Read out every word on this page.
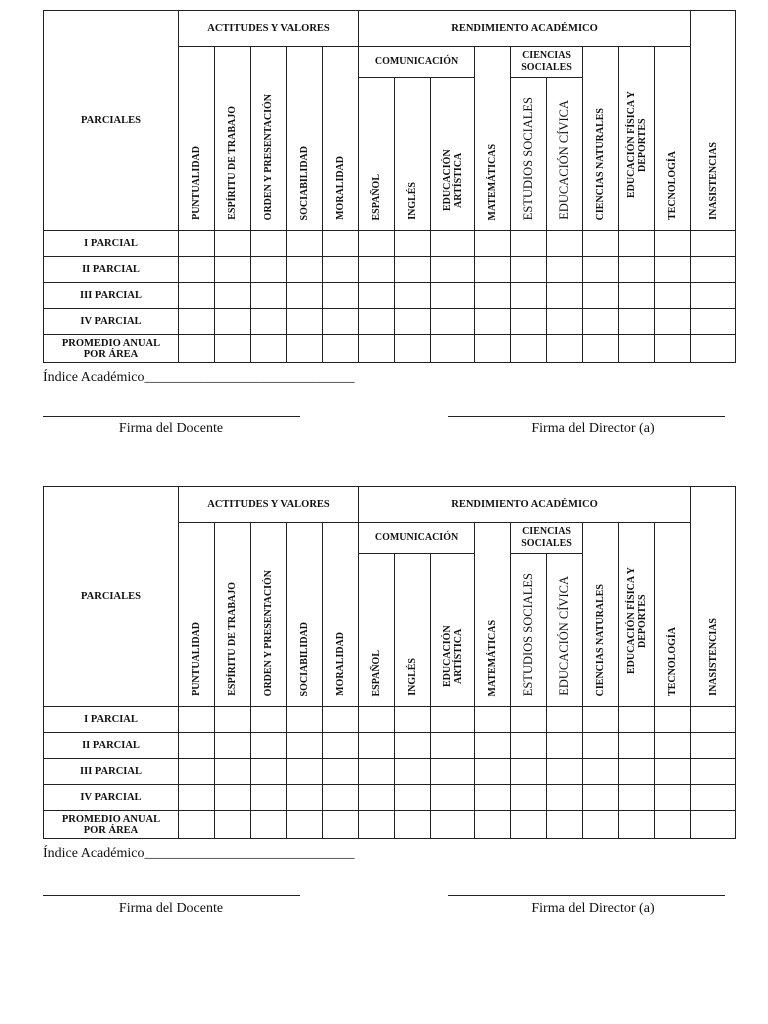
PARCIALES	ACTITUDES Y VALORES					RENDIMIENTO ACADÉMICO									INASISTENCIAS
	PUNTUALIDAD	ESPÍRITU DE TRABAJO	ORDEN Y PRESENTACIÓN	SOCIABILIDAD	MORALIDAD	COMUNICACIÓN			MATEMÁTICAS	CIENCIAS SOCIALES		CIENCIAS NATURALES	EDUCACIÓN FÍSICA Y DEPORTES	TECNOLOGÍA	
						ESPAÑOL	INGLÉS	EDUCACIÓN ARTÍSTICA		ESTUDIOS SOCIALES	EDUCACIÓN CÍVICA				
I PARCIAL															
II PARCIAL															
III PARCIAL															
IV PARCIAL															
PROMEDIO ANUAL POR ÁREA															
Índice Académico______________________________
Firma del Docente	Firma del Director (a)
PARCIALES	ACTITUDES Y VALORES					RENDIMIENTO ACADÉMICO									INASISTENCIAS
	PUNTUALIDAD	ESPÍRITU DE TRABAJO	ORDEN Y PRESENTACIÓN	SOCIABILIDAD	MORALIDAD	COMUNICACIÓN			MATEMÁTICAS	CIENCIAS SOCIALES		CIENCIAS NATURALES	EDUCACIÓN FÍSICA Y DEPORTES	TECNOLOGÍA	
						ESPAÑOL	INGLÉS	EDUCACIÓN ARTÍSTICA		ESTUDIOS SOCIALES	EDUCACIÓN CÍVICA				
I PARCIAL															
II PARCIAL															
III PARCIAL															
IV PARCIAL															
PROMEDIO ANUAL POR ÁREA															
Índice Académico______________________________
Firma del Docente	Firma del Director (a)
